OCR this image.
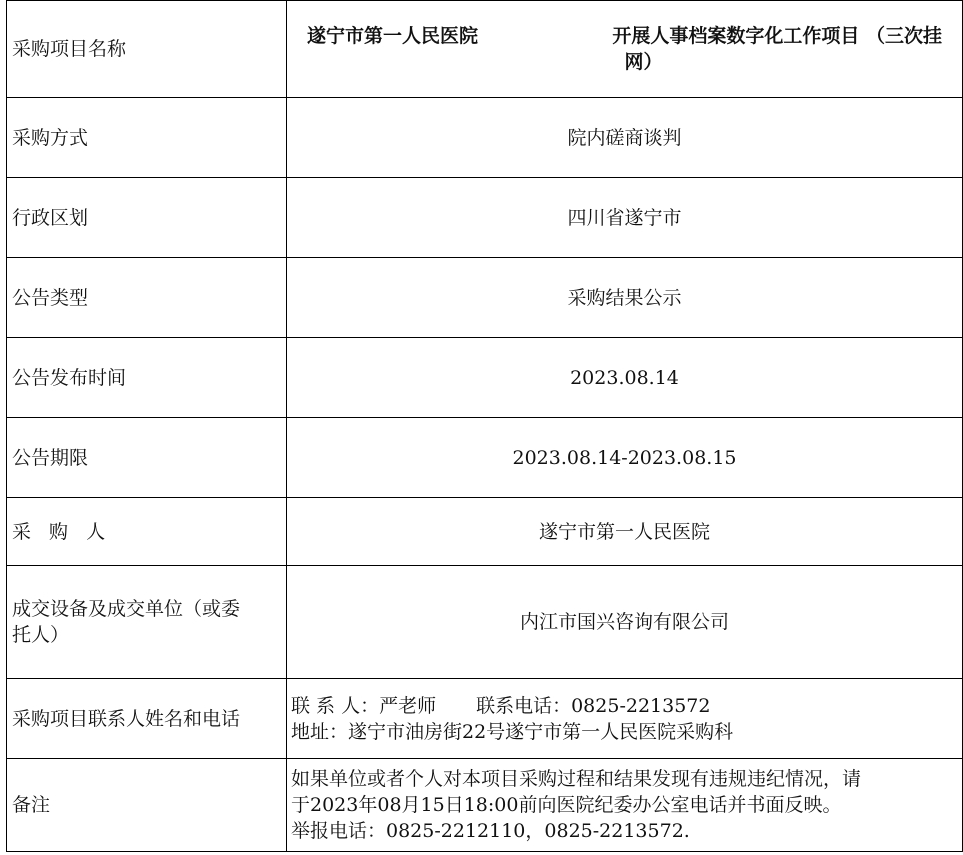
采购项目名称	遂宁市第一人民医院 开展人事档案数字化工作项目 （三次挂
网）

采购方式	院内磋商谈判
行政区划	四川省遂宁市
公告类型	采购结果公示
公告发布时间	2023.08.14
公告期限	2023.08.14-2023.08.15
采 购 人	遂宁市第一人民医院

成交设备及成交单位（或委
托人）	内江市国兴咨询有限公司
采购项目联系人姓名和电话	联 系 人：严老师 联系电话：0825-2213572
地址：遂宁市油房街22号遂宁市第一人民医院采购科

备注	如果单位或者个人对本项目采购过程和结果发现有违规违纪情况，请
于2023年08月15日18:00前向医院纪委办公室电话并书面反映。
举报电话：0825-2212110，0825-2213572.
